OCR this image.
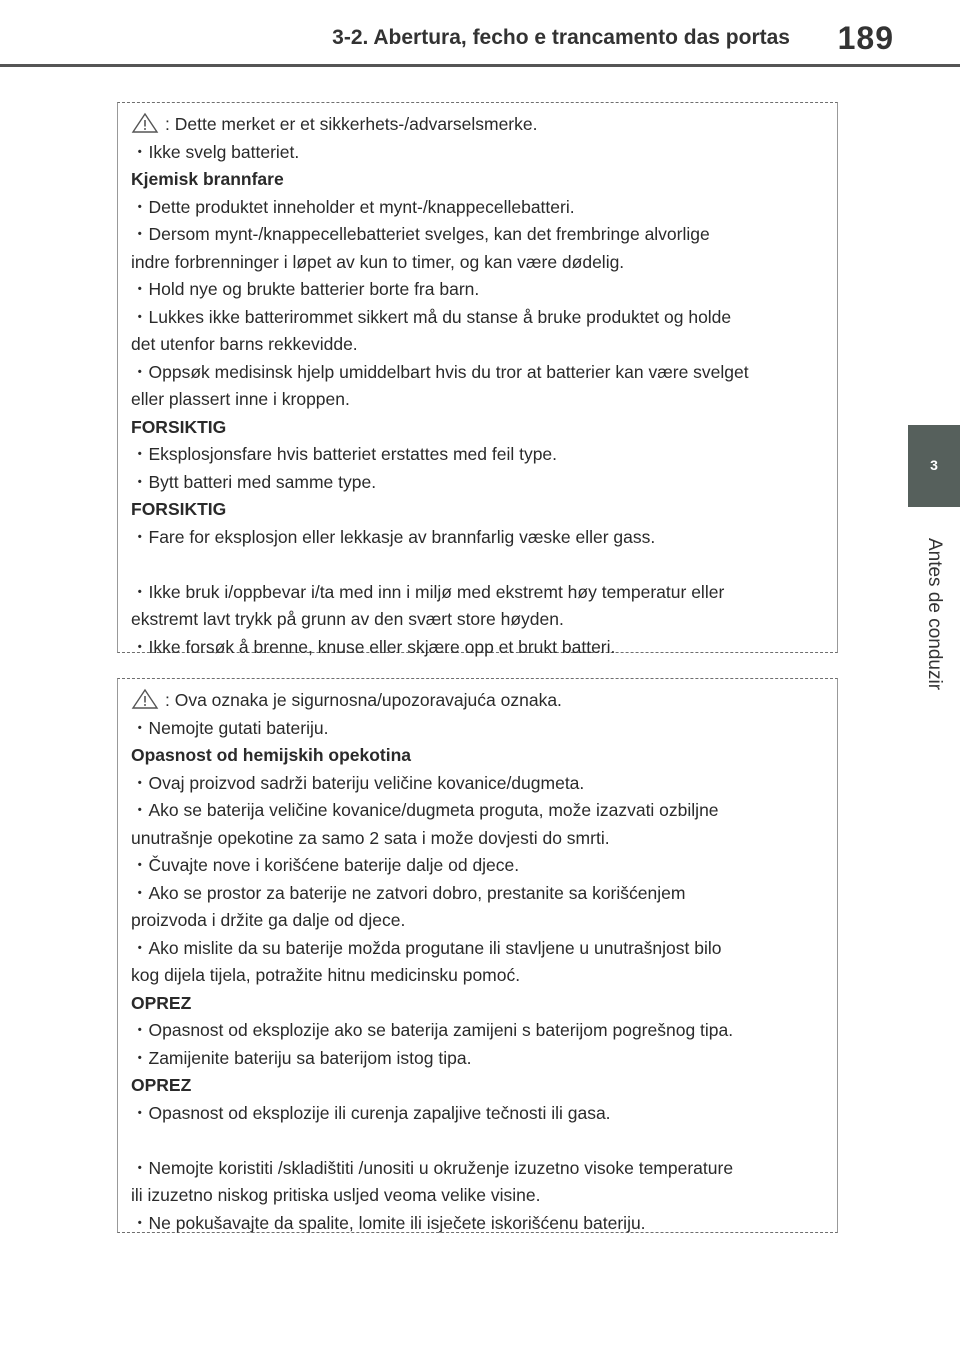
3-2. Abertura, fecho e trancamento das portas 189
3
Antes de conduzir
: Dette merket er et sikkerhets-/advarselsmerke.
・Ikke svelg batteriet.
Kjemisk brannfare
・Dette produktet inneholder et mynt-/knappecellebatteri.
・Dersom mynt-/knappecellebatteriet svelges, kan det frembringe alvorlige
indre forbrenninger i løpet av kun to timer, og kan være dødelig.
・Hold nye og brukte batterier borte fra barn.
・Lukkes ikke batterirommet sikkert må du stanse å bruke produktet og holde
det utenfor barns rekkevidde.
・Oppsøk medisinsk hjelp umiddelbart hvis du tror at batterier kan være svelget
eller plassert inne i kroppen.
FORSIKTIG
・Eksplosjonsfare hvis batteriet erstattes med feil type.
・Bytt batteri med samme type.
FORSIKTIG
・Fare for eksplosjon eller lekkasje av brannfarlig væske eller gass.
・Ikke bruk i/oppbevar i/ta med inn i miljø med ekstremt høy temperatur eller
ekstremt lavt trykk på grunn av den svært store høyden.
・Ikke forsøk å brenne, knuse eller skjære opp et brukt batteri.
: Ova oznaka je sigurnosna/upozoravajuća oznaka.
・Nemojte gutati bateriju.
Opasnost od hemijskih opekotina
・Ovaj proizvod sadrži bateriju veličine kovanice/dugmeta.
・Ako se baterija veličine kovanice/dugmeta proguta, može izazvati ozbiljne
unutrašnje opekotine za samo 2 sata i može dovjesti do smrti.
・Čuvajte nove i korišćene baterije dalje od djece.
・Ako se prostor za baterije ne zatvori dobro, prestanite sa korišćenjem
proizvoda i držite ga dalje od djece.
・Ako mislite da su baterije možda progutane ili stavljene u unutrašnjost bilo
kog dijela tijela, potražite hitnu medicinsku pomoć.
OPREZ
・Opasnost od eksplozije ako se baterija zamijeni s baterijom pogrešnog tipa.
・Zamijenite bateriju sa baterijom istog tipa.
OPREZ
・Opasnost od eksplozije ili curenja zapaljive tečnosti ili gasa.
・Nemojte koristiti /skladištiti /unositi u okruženje izuzetno visoke temperature
ili izuzetno niskog pritiska usljed veoma velike visine.
・Ne pokušavajte da spalite, lomite ili isječete iskorišćenu bateriju.
